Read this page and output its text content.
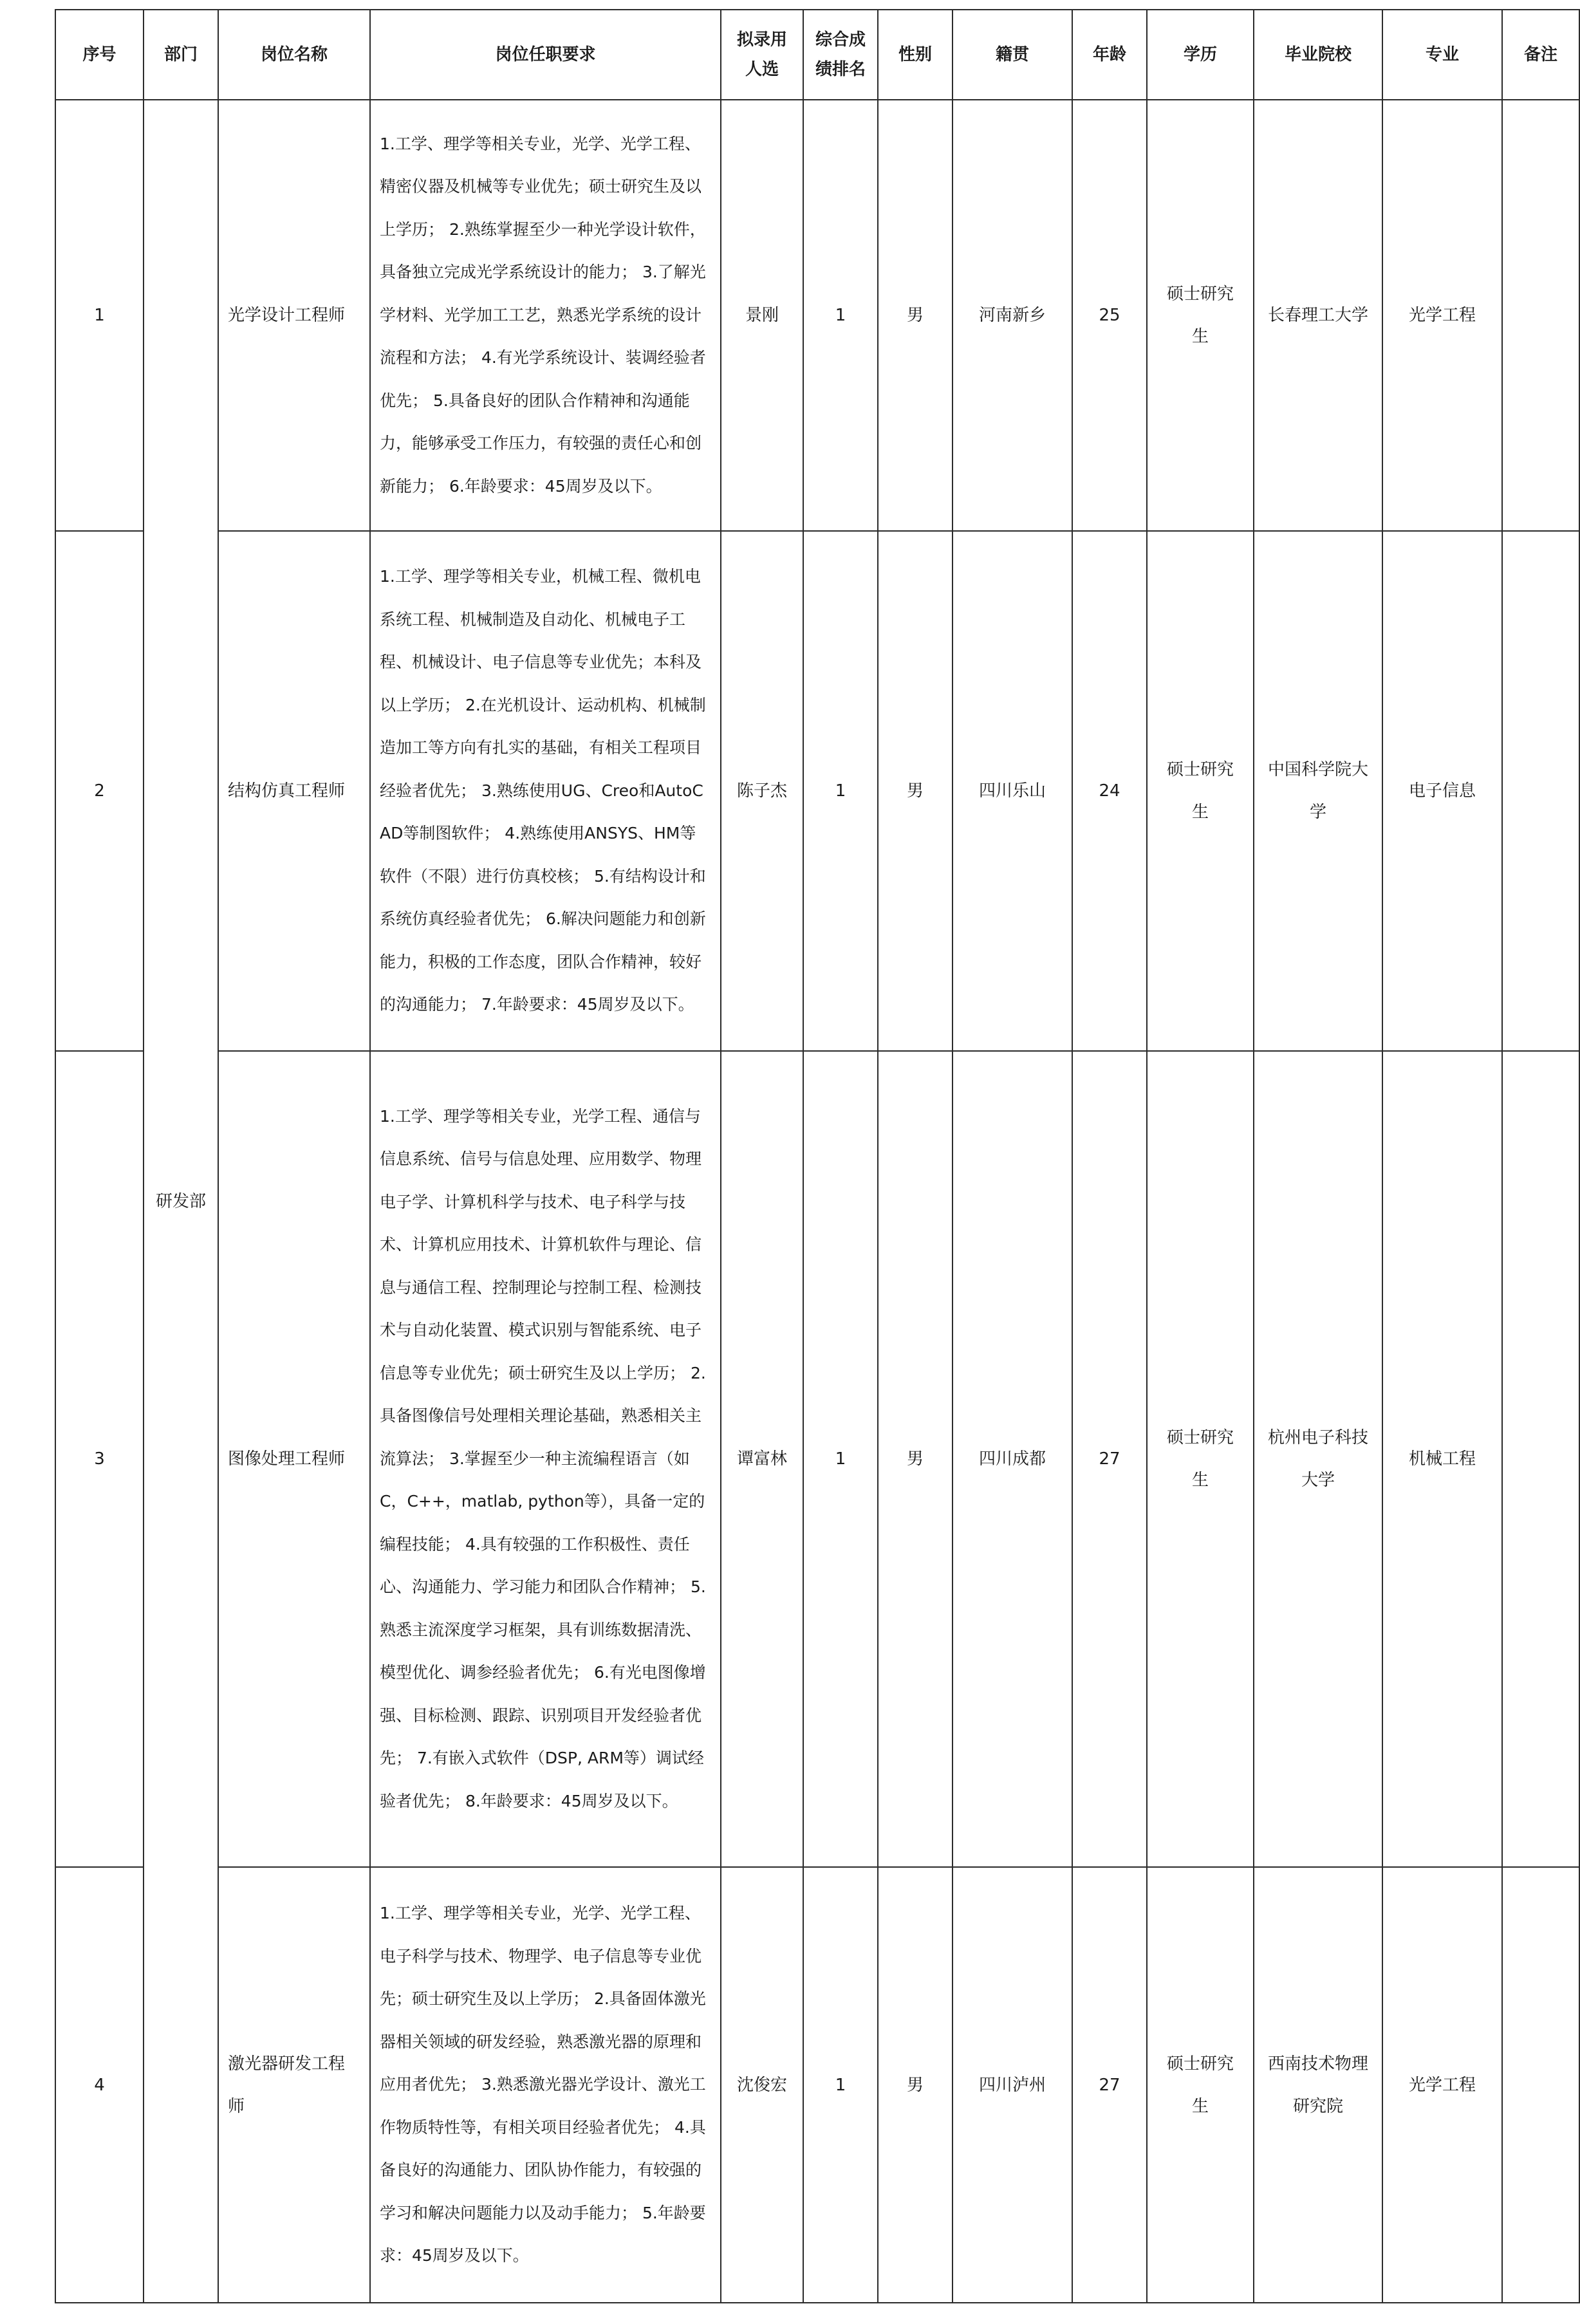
序号	部门	岗位名称	岗位任职要求	拟录用人选	综合成绩排名	性别	籍贯	年龄	学历	毕业院校	专业	备注
1	研发部	光学设计工程师	1.工学、理学等相关专业，光学、光学工程、精密仪器及机械等专业优先；硕士研究生及以上学历； 2.熟练掌握至少一种光学设计软件，具备独立完成光学系统设计的能力； 3.了解光学材料、光学加工工艺，熟悉光学系统的设计流程和方法； 4.有光学系统设计、装调经验者优先； 5.具备良好的团队合作精神和沟通能力，能够承受工作压力，有较强的责任心和创新能力； 6.年龄要求：45周岁及以下。	景刚	1	男	河南新乡	25	硕士研究生	长春理工大学	光学工程	
2		结构仿真工程师	1.工学、理学等相关专业，机械工程、微机电系统工程、机械制造及自动化、机械电子工程、机械设计、电子信息等专业优先；本科及以上学历； 2.在光机设计、运动机构、机械制造加工等方向有扎实的基础，有相关工程项目经验者优先； 3.熟练使用UG、Creo和AutoCAD等制图软件； 4.熟练使用ANSYS、HM等软件（不限）进行仿真校核； 5.有结构设计和系统仿真经验者优先； 6.解决问题能力和创新能力，积极的工作态度，团队合作精神，较好的沟通能力； 7.年龄要求：45周岁及以下。	陈子杰	1	男	四川乐山	24	硕士研究生	中国科学院大学	电子信息	
3		图像处理工程师	1.工学、理学等相关专业，光学工程、通信与信息系统、信号与信息处理、应用数学、物理电子学、计算机科学与技术、电子科学与技术、计算机应用技术、计算机软件与理论、信息与通信工程、控制理论与控制工程、检测技术与自动化装置、模式识别与智能系统、电子信息等专业优先；硕士研究生及以上学历； 2.具备图像信号处理相关理论基础，熟悉相关主流算法； 3.掌握至少一种主流编程语言（如C，C++，matlab, python等），具备一定的编程技能； 4.具有较强的工作积极性、责任心、沟通能力、学习能力和团队合作精神； 5.熟悉主流深度学习框架，具有训练数据清洗、模型优化、调参经验者优先； 6.有光电图像增强、目标检测、跟踪、识别项目开发经验者优先； 7.有嵌入式软件（DSP, ARM等）调试经验者优先； 8.年龄要求：45周岁及以下。	谭富林	1	男	四川成都	27	硕士研究生	杭州电子科技大学	机械工程	
4		激光器研发工程师	1.工学、理学等相关专业，光学、光学工程、电子科学与技术、物理学、电子信息等专业优先；硕士研究生及以上学历； 2.具备固体激光器相关领域的研发经验，熟悉激光器的原理和应用者优先； 3.熟悉激光器光学设计、激光工作物质特性等，有相关项目经验者优先； 4.具备良好的沟通能力、团队协作能力，有较强的学习和解决问题能力以及动手能力； 5.年龄要求：45周岁及以下。	沈俊宏	1	男	四川泸州	27	硕士研究生	西南技术物理研究院	光学工程	
